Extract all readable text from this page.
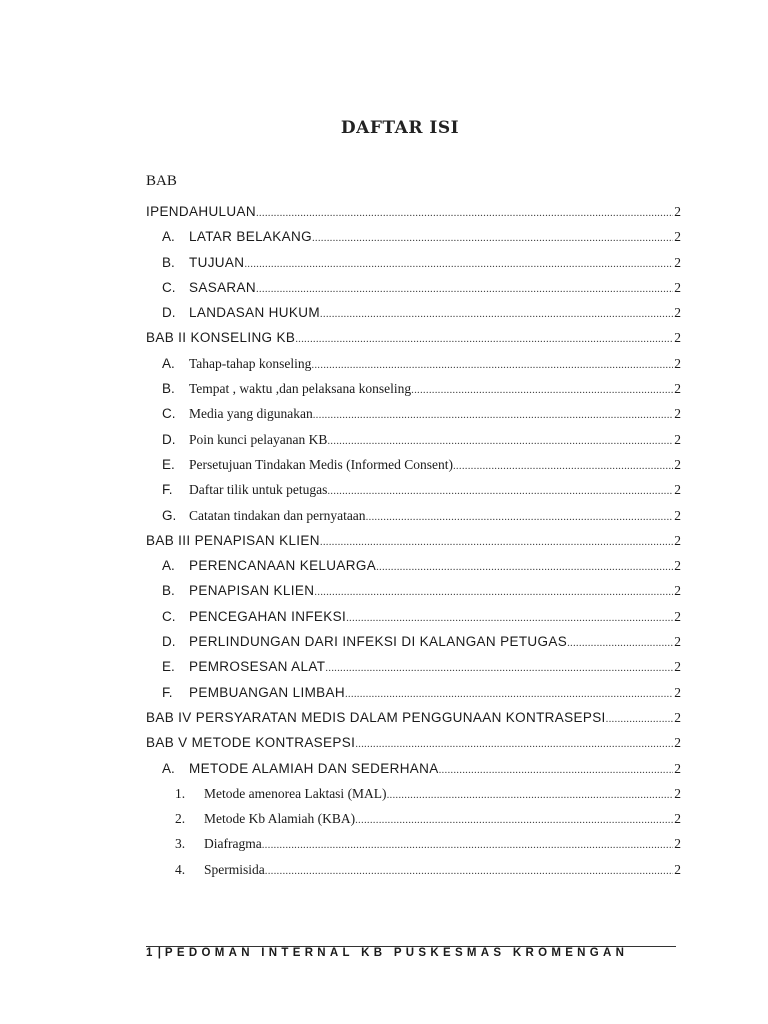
DAFTAR ISI
BAB
IPENDAHULUAN .....	2
A.	LATAR BELAKANG .....	2
B.	TUJUAN .....	2
C.	SASARAN .....	2
D.	LANDASAN HUKUM .....	2
BAB II KONSELING KB .....	2
A.	Tahap-tahap konseling .....	2
B.	Tempat , waktu ,dan pelaksana konseling .....	2
C.	Media yang digunakan .....	2
D.	Poin kunci pelayanan KB .....	2
E.	Persetujuan Tindakan Medis (Informed Consent) .....	2
F.	Daftar tilik untuk petugas .....	2
G. Catatan tindakan dan pernyataan .....	2
BAB III PENAPISAN KLIEN .....	2
A.	PERENCANAAN KELUARGA .....	2
B.	PENAPISAN KLIEN .....	2
C.	PENCEGAHAN INFEKSI .....	2
D.	PERLINDUNGAN DARI INFEKSI DI KALANGAN PETUGAS .....	2
E.	PEMROSESAN ALAT .....	2
F.	PEMBUANGAN LIMBAH .....	2
BAB IV PERSYARATAN MEDIS DALAM PENGGUNAAN KONTRASEPSI .....	2
BAB V METODE KONTRASEPSI .....	2
A.	METODE ALAMIAH DAN SEDERHANA .....	2
1.	Metode amenorea Laktasi (MAL) .....	2
2.	Metode Kb Alamiah (KBA) .....	2
3.	Diafragma .....	2
4.	Spermisida .....	2
1| PEDOMAN INTERNAL KB PUSKESMAS KROMENGAN
